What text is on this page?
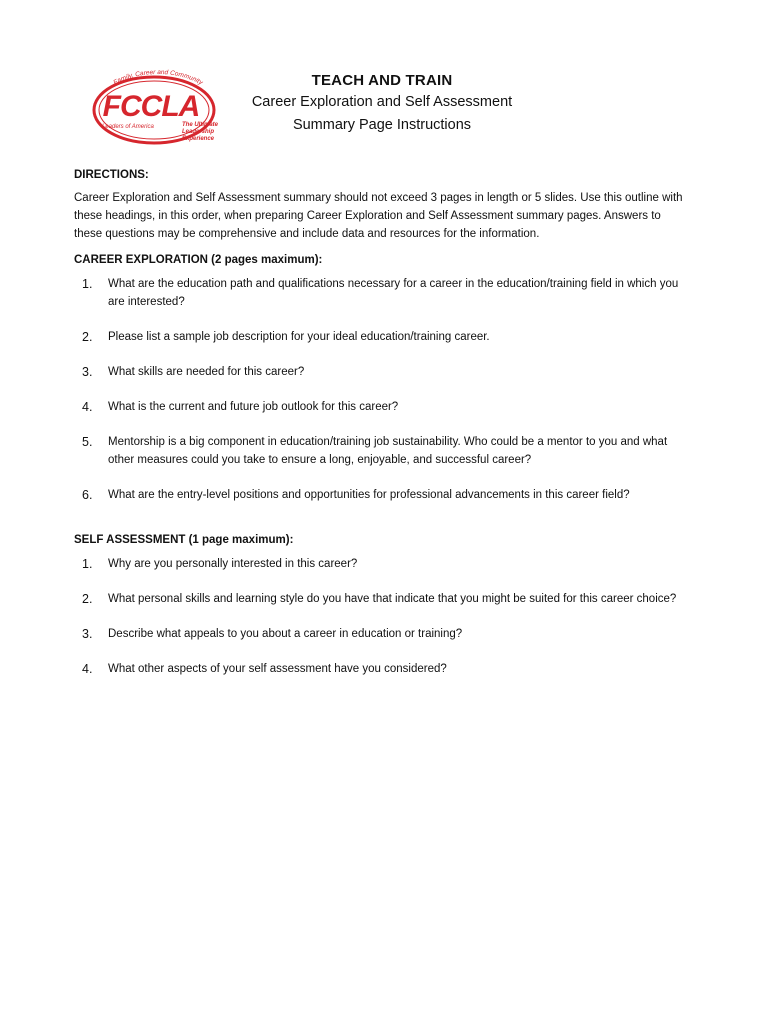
Family, Career and Community
FCCLA
Leaders of America	The Ultimate
Leadership
Experience
TEACH AND TRAIN
Career Exploration and Self Assessment
Summary Page Instructions

DIRECTIONS:

Career Exploration and Self Assessment summary should not exceed 3 pages in length or 5 slides. Use this outline with these headings, in this order, when preparing Career Exploration and Self Assessment summary pages. Answers to these questions may be comprehensive and include data and resources for the information.

CAREER EXPLORATION (2 pages maximum):

1.	What are the education path and qualifications necessary for a career in the education/training field in which you are interested?
2.	Please list a sample job description for your ideal education/training career.
3.	What skills are needed for this career?
4.	What is the current and future job outlook for this career?
5.	Mentorship is a big component in education/training job sustainability. Who could be a mentor to you and what other measures could you take to ensure a long, enjoyable, and successful career?
6.	What are the entry-level positions and opportunities for professional advancements in this career field?

SELF ASSESSMENT (1 page maximum):

1.	Why are you personally interested in this career?
2.	What personal skills and learning style do you have that indicate that you might be suited for this career choice?
3.	Describe what appeals to you about a career in education or training?
4.	What other aspects of your self assessment have you considered?
